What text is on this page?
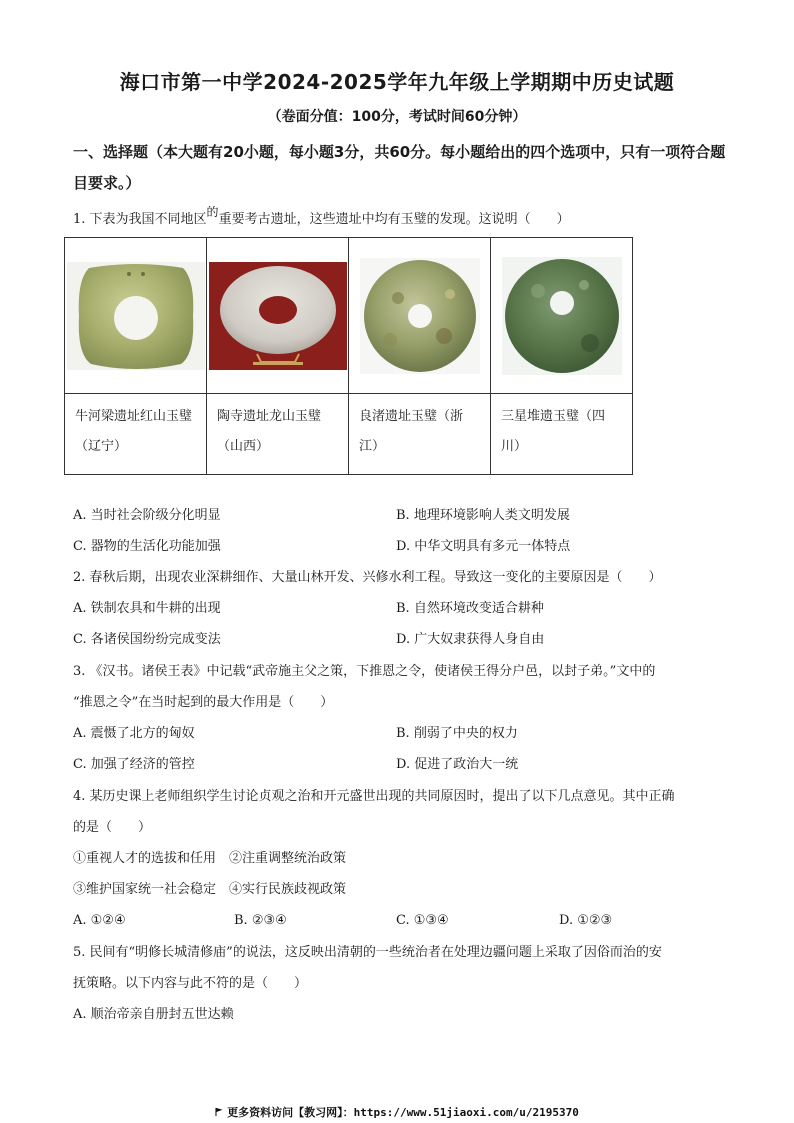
海口市第一中学2024-2025学年九年级上学期期中历史试题
（卷面分值：100分，考试时间60分钟）
一、选择题（本大题有20小题，每小题3分，共60分。每小题给出的四个选项中，只有一项符合题目要求。）
1. 下表为我国不同地区的重要考古遗址，这些遗址中均有玉璧的发现。这说明（　　）

牛河梁遗址红山玉璧（辽宁）	陶寺遗址龙山玉璧（山西）	良渚遗址玉璧（浙江）	三星堆遗玉璧（四川）
A. 当时社会阶级分化明显	B. 地理环境影响人类文明发展
C. 器物的生活化功能加强	D. 中华文明具有多元一体特点
2. 春秋后期，出现农业深耕细作、大量山林开发、兴修水利工程。导致这一变化的主要原因是（　　）
A. 铁制农具和牛耕的出现	B. 自然环境改变适合耕种
C. 各诸侯国纷纷完成变法	D. 广大奴隶获得人身自由
3. 《汉书。诸侯王表》中记载“武帝施主父之策，下推恩之令，使诸侯王得分户邑，以封子弟。”文中的
“推恩之令”在当时起到的最大作用是（　　）
A. 震慑了北方的匈奴	B. 削弱了中央的权力
C. 加强了经济的管控	D. 促进了政治大一统
4. 某历史课上老师组织学生讨论贞观之治和开元盛世出现的共同原因时，提出了以下几点意见。其中正确
的是（　　）
①重视人才的选拔和任用　②注重调整统治政策
③维护国家统一社会稳定　④实行民族歧视政策
A. ①②④	B. ②③④	C. ①③④	D. ①②③
5. 民间有“明修长城清修庙”的说法，这反映出清朝的一些统治者在处理边疆问题上采取了因俗而治的安
抚策略。以下内容与此不符的是（　　）
A. 顺治帝亲自册封五世达赖
更多资料访问【教习网】：https://www.51jiaoxi.com/u/2195370
